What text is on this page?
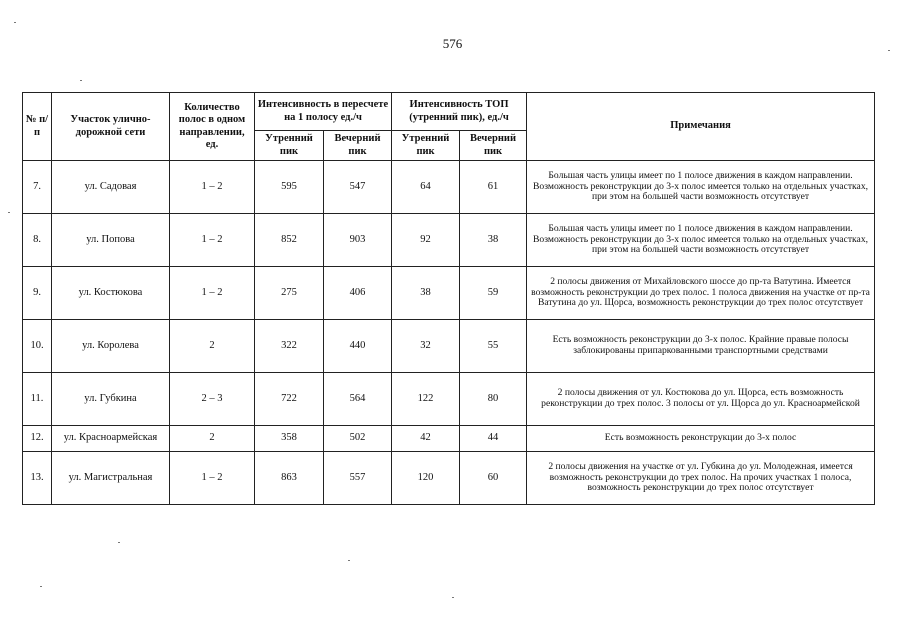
576
№ п/п	Участок улично-дорожной сети	Количество полос в одном направлении, ед.	Интенсивность в пересчете на 1 полосу ед./ч		Интенсивность ТОП (утренний пик), ед./ч		Примечания
			Утренний пик	Вечерний пик	Утренний пик	Вечерний пик	
7.	ул. Садовая	1 – 2	595	547	64	61	Большая часть улицы имеет по 1 полосе движения в каждом направлении. Возможность реконструкции до 3-х полос имеется только на отдельных участках, при этом на большей части возможность отсутствует
8.	ул. Попова	1 – 2	852	903	92	38	Большая часть улицы имеет по 1 полосе движения в каждом направлении. Возможность реконструкции до 3-х полос имеется только на отдельных участках, при этом на большей части возможность отсутствует
9.	ул. Костюкова	1 – 2	275	406	38	59	2 полосы движения от Михайловского шоссе до пр-та Ватутина. Имеется возможность реконструкции до трех полос. 1 полоса движения на участке от пр-та Ватутина до ул. Щорса, возможность реконструкции до трех полос отсутствует
10.	ул. Королева	2	322	440	32	55	Есть возможность реконструкции до 3-х полос. Крайние правые полосы заблокированы припаркованными транспортными средствами
11.	ул. Губкина	2 – 3	722	564	122	80	2 полосы движения от ул. Костюкова до ул. Щорса, есть возможность реконструкции до трех полос. 3 полосы от ул. Щорса до ул. Красноармейской
12.	ул. Красноармейская	2	358	502	42	44	Есть возможность реконструкции до 3-х полос
13.	ул. Магистральная	1 – 2	863	557	120	60	2 полосы движения на участке от ул. Губкина до ул. Молодежная, имеется возможность реконструкции до трех полос. На прочих участках 1 полоса, возможность реконструкции до трех полос отсутствует
